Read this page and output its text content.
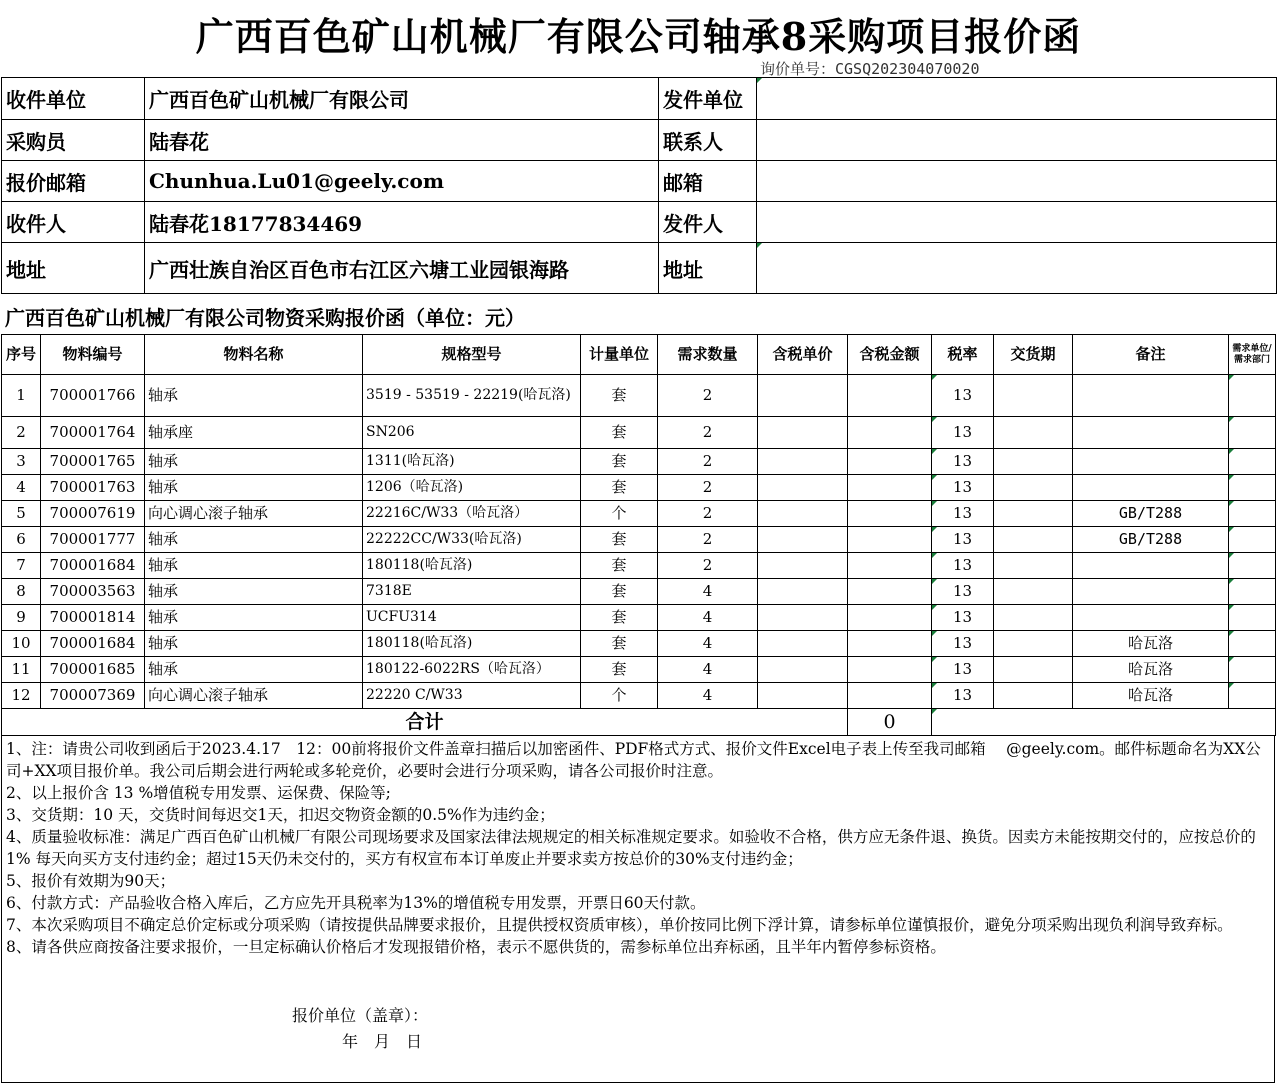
广西百色矿山机械厂有限公司轴承8采购项目报价函
询价单号：CGSQ202304070020
收件单位	广西百色矿山机械厂有限公司	发件单位	
采购员	陆春花	联系人	
报价邮箱	Chunhua.Lu01@geely.com	邮箱	
收件人	陆春花18177834469	发件人	
地址	广西壮族自治区百色市右江区六塘工业园银海路	地址	
广西百色矿山机械厂有限公司物资采购报价函（单位：元）
序号	物料编号	物料名称	规格型号	计量单位	需求数量	含税单价	含税金额	税率	交货期	备注	需求单位/需求部门
1	700001766	轴承	3519 - 53519 - 22219(哈瓦洛)	套	2			13			
2	700001764	轴承座	SN206	套	2			13			
3	700001765	轴承	1311(哈瓦洛)	套	2			13			
4	700001763	轴承	1206（哈瓦洛)	套	2			13			
5	700007619	向心调心滚子轴承	22216C/W33（哈瓦洛）	个	2			13		GB/T288	
6	700001777	轴承	22222CC/W33(哈瓦洛)	套	2			13		GB/T288	
7	700001684	轴承	180118(哈瓦洛)	套	2			13			
8	700003563	轴承	7318E	套	4			13			
9	700001814	轴承	UCFU314	套	4			13			
10	700001684	轴承	180118(哈瓦洛)	套	4			13		哈瓦洛	
11	700001685	轴承	180122-6022RS（哈瓦洛）	套	4			13		哈瓦洛	
12	700007369	向心调心滚子轴承	22220 C/W33	个	4			13		哈瓦洛	
合计							0				

1、注：请贵公司收到函后于2023.4.17　12：00前将报价文件盖章扫描后以加密函件、PDF格式方式、报价文件Excel电子表上传至我司邮箱　 @geely.com。邮件标题命名为XX公司+XX项目报价单。我公司后期会进行两轮或多轮竞价，必要时会进行分项采购，请各公司报价时注意。

2、以上报价含 13 %增值税专用发票、运保费、保险等;

3、交货期：10 天，交货时间每迟交1天，扣迟交物资金额的0.5%作为违约金；

4、质量验收标准：满足广西百色矿山机械厂有限公司现场要求及国家法律法规规定的相关标准规定要求。如验收不合格，供方应无条件退、换货。因卖方未能按期交付的，应按总价的1% 每天向买方支付违约金；超过15天仍未交付的，买方有权宣布本订单废止并要求卖方按总价的30%支付违约金；

5、报价有效期为90天；

6、付款方式：产品验收合格入库后，乙方应先开具税率为13%的增值税专用发票，开票日60天付款。

7、本次采购项目不确定总价定标或分项采购（请按提供品牌要求报价，且提供授权资质审核），单价按同比例下浮计算，请参标单位谨慎报价，避免分项采购出现负利润导致弃标。

8、请各供应商按备注要求报价，一旦定标确认价格后才发现报错价格，表示不愿供货的，需参标单位出弃标函，且半年内暂停参标资格。

报价单位（盖章）：
年　月　日
